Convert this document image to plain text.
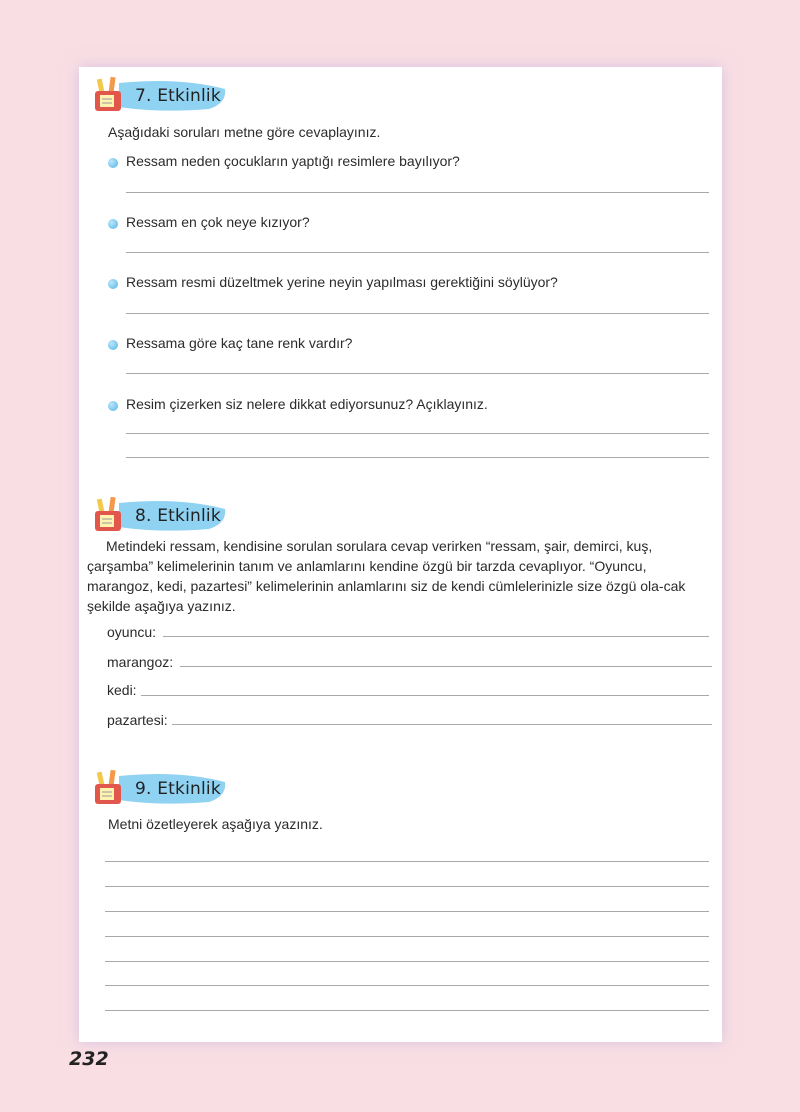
7. Etkinlik
Aşağıdaki soruları metne göre cevaplayınız.
Ressam neden çocukların yaptığı resimlere bayılıyor?
Ressam en çok neye kızıyor?
Ressam resmi düzeltmek yerine neyin yapılması gerektiğini söylüyor?
Ressama göre kaç tane renk vardır?
Resim çizerken siz nelere dikkat ediyorsunuz? Açıklayınız.
8. Etkinlik
Metindeki ressam, kendisine sorulan sorulara cevap verirken “ressam, şair, demirci, kuş, çarşamba” kelimelerinin tanım ve anlamlarını kendine özgü bir tarzda cevaplıyor. “Oyuncu, marangoz, kedi, pazartesi” kelimelerinin anlamlarını siz de kendi cümlelerinizle size özgü ola-cak şekilde aşağıya yazınız.
oyuncu:
marangoz:
kedi:
pazartesi:
9. Etkinlik
Metni özetleyerek aşağıya yazınız.
232
